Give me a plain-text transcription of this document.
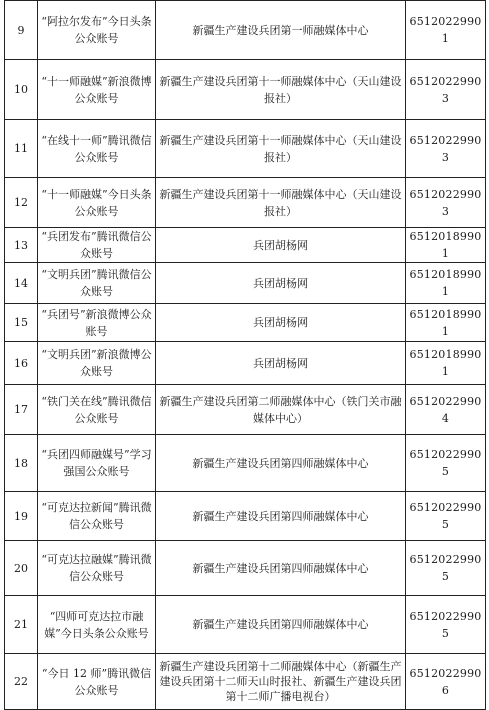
9	“阿拉尔发布”今日头条公众账号	新疆生产建设兵团第一师融媒体中心	65120229901
10	“十一师融媒”新浪微博公众账号	新疆生产建设兵团第十一师融媒体中心（天山建设报社）	65120229903
11	“在线十一师”腾讯微信公众账号	新疆生产建设兵团第十一师融媒体中心（天山建设报社）	65120229903
12	“十一师融媒”今日头条公众账号	新疆生产建设兵团第十一师融媒体中心（天山建设报社）	65120229903
13	“兵团发布”腾讯微信公众账号	兵团胡杨网	65120189901
14	“文明兵团”腾讯微信公众账号	兵团胡杨网	65120189901
15	“兵团号”新浪微博公众账号	兵团胡杨网	65120189901
16	“文明兵团”新浪微博公众账号	兵团胡杨网	65120189901
17	“铁门关在线”腾讯微信公众账号	新疆生产建设兵团第二师融媒体中心（铁门关市融媒体中心）	65120229904
18	“兵团四师融媒号”学习强国公众账号	新疆生产建设兵团第四师融媒体中心	65120229905
19	“可克达拉新闻”腾讯微信公众账号	新疆生产建设兵团第四师融媒体中心	65120229905
20	“可克达拉融媒”腾讯微信公众账号	新疆生产建设兵团第四师融媒体中心	65120229905
21	“四师可克达拉市融媒”今日头条公众账号	新疆生产建设兵团第四师融媒体中心	65120229905
22	“今日 12 师”腾讯微信公众账号	新疆生产建设兵团第十二师融媒体中心（新疆生产建设兵团第十二师天山时报社、新疆生产建设兵团第十二师广播电视台）	65120229906
